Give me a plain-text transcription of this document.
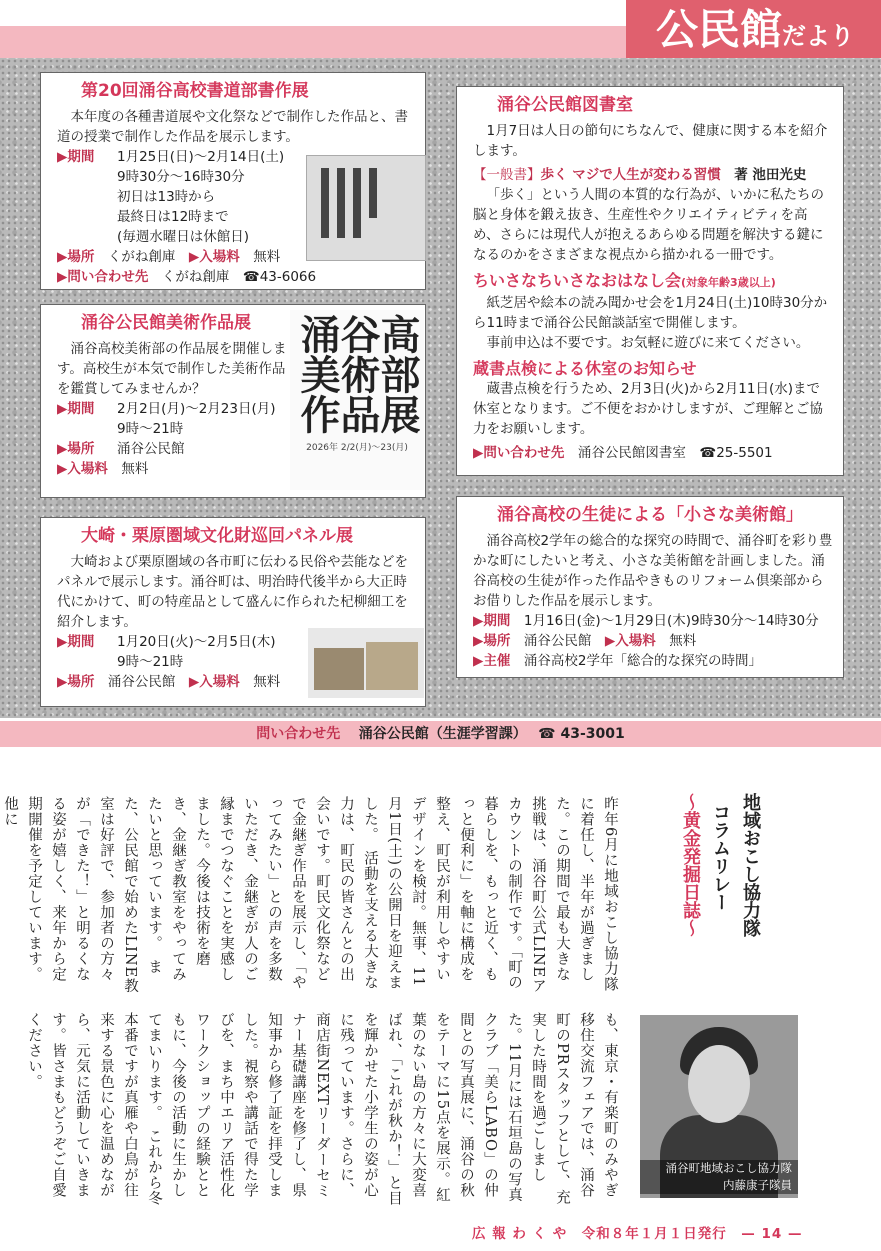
公民館だより
第20回涌谷高校書道部書作展

本年度の各種書道展や文化祭などで制作した作品と、書道の授業で制作した作品を展示します。

▶期間	1月25日(日)～2月14日(土)
9時30分～16時30分
初日は13時から
最終日は12時まで
(毎週水曜日は休館日)
▶場所　 くがね創庫　 ▶入場料　 無料
▶問い合わせ先　 くがね創庫　☎43-6066
涌谷公民館図書室

1月7日は人日の節句にちなんで、健康に関する本を紹介します。

【一般書】歩く マジで人生が変わる習慣　 著 池田光史

「歩く」という人間の本質的な行為が、いかに私たちの脳と身体を鍛え抜き、生産性やクリエイティビティを高め、さらには現代人が抱えるあらゆる問題を解決する鍵になるのかをさまざまな視点から描かれる一冊です。

ちいさなちいさなおはなし会(対象年齢3歳以上)

紙芝居や絵本の読み聞かせ会を1月24日(土)10時30分から11時まで涌谷公民館談話室で開催します。

事前申込は不要です。お気軽に遊びに来てください。

蔵書点検による休室のお知らせ

蔵書点検を行うため、2月3日(火)から2月11日(水)まで休室となります。ご不便をおかけしますが、ご理解とご協力をお願いします。

▶問い合わせ先　 涌谷公民館図書室　☎25-5501
涌谷公民館美術作品展

涌谷高校美術部の作品展を開催します。高校生が本気で制作した美術作品を鑑賞してみませんか？

▶期間	2月2日(月)～2月23日(月)
9時～21時
▶場所	涌谷公民館
▶入場料　 無料
高部展
谷術品
涌美作
2026年 2/2(月)～23(月)
涌谷高校の生徒による「小さな美術館」

涌谷高校2学年の総合的な探究の時間で、涌谷町を彩り豊かな町にしたいと考え、小さな美術館を計画しました。涌谷高校の生徒が作った作品やきものリフォーム倶楽部からお借りした作品を展示します。

▶期間　 1月16日(金)～1月29日(木)9時30分～14時30分
▶場所　 涌谷公民館　 ▶入場料　 無料
▶主催　 涌谷高校2学年「総合的な探究の時間」
大崎・栗原圏域文化財巡回パネル展

大崎および栗原圏域の各市町に伝わる民俗や芸能などをパネルで展示します。涌谷町は、明治時代後半から大正時代にかけて、町の特産品として盛んに作られた杞柳細工を紹介します。

▶期間	1月20日(火)～2月5日(木)
9時～21時
▶場所　 涌谷公民館　 ▶入場料　 無料
問い合わせ先　 涌谷公民館（生涯学習課）　 ☎ 43-3001
地域おこし協力隊
コラムリレー
～黄金発掘日誌～
昨年6月に地域おこし協力隊に着任し、半年が過ぎました。この期間で最も大きな挑戦は、涌谷町公式LINEアカウントの制作です。「町の暮らしを、もっと近く、もっと便利に」を軸に構成を整え、町民が利用しやすいデザインを検討。無事、11月1日(土)の公開日を迎えました。　活動を支える大きな力は、町民の皆さんとの出会いです。町民文化祭などで金継ぎ作品を展示し、「やってみたい」との声を多数いただき、金継ぎが人のご縁までつなぐことを実感しました。今後は技術を磨き、金継ぎ教室をやってみたいと思っています。　また、公民館で始めたLINE教室は好評で、参加者の方々が「できた！」と明るくなる姿が嬉しく、来年から定期開催を予定しています。他に
も、東京・有楽町のみやぎ移住交流フェアでは、涌谷町のPRスタッフとして、充実した時間を過ごしました。11月には石垣島の写真クラブ「美らLABO」の仲間との写真展に、涌谷の秋をテーマに15点を展示。紅葉のない島の方々に大変喜ばれ、「これが秋か！」と目を輝かせた小学生の姿が心に残っています。さらに、商店街NEXTリーダーセミナー基礎講座を修了し、県知事から修了証を拝受しました。視察や講話で得た学びを、まち中エリア活性化ワークショップの経験とともに、今後の活動に生かしてまいります。　これから冬本番ですが真雁や白鳥が往来する景色に心を温めながら、元気に活動していきます。皆さまもどうぞご自愛ください。
涌谷町地域おこし協力隊
内藤康子隊員
広 報 わ く や　令和８年１月１日発行　— 14 —
